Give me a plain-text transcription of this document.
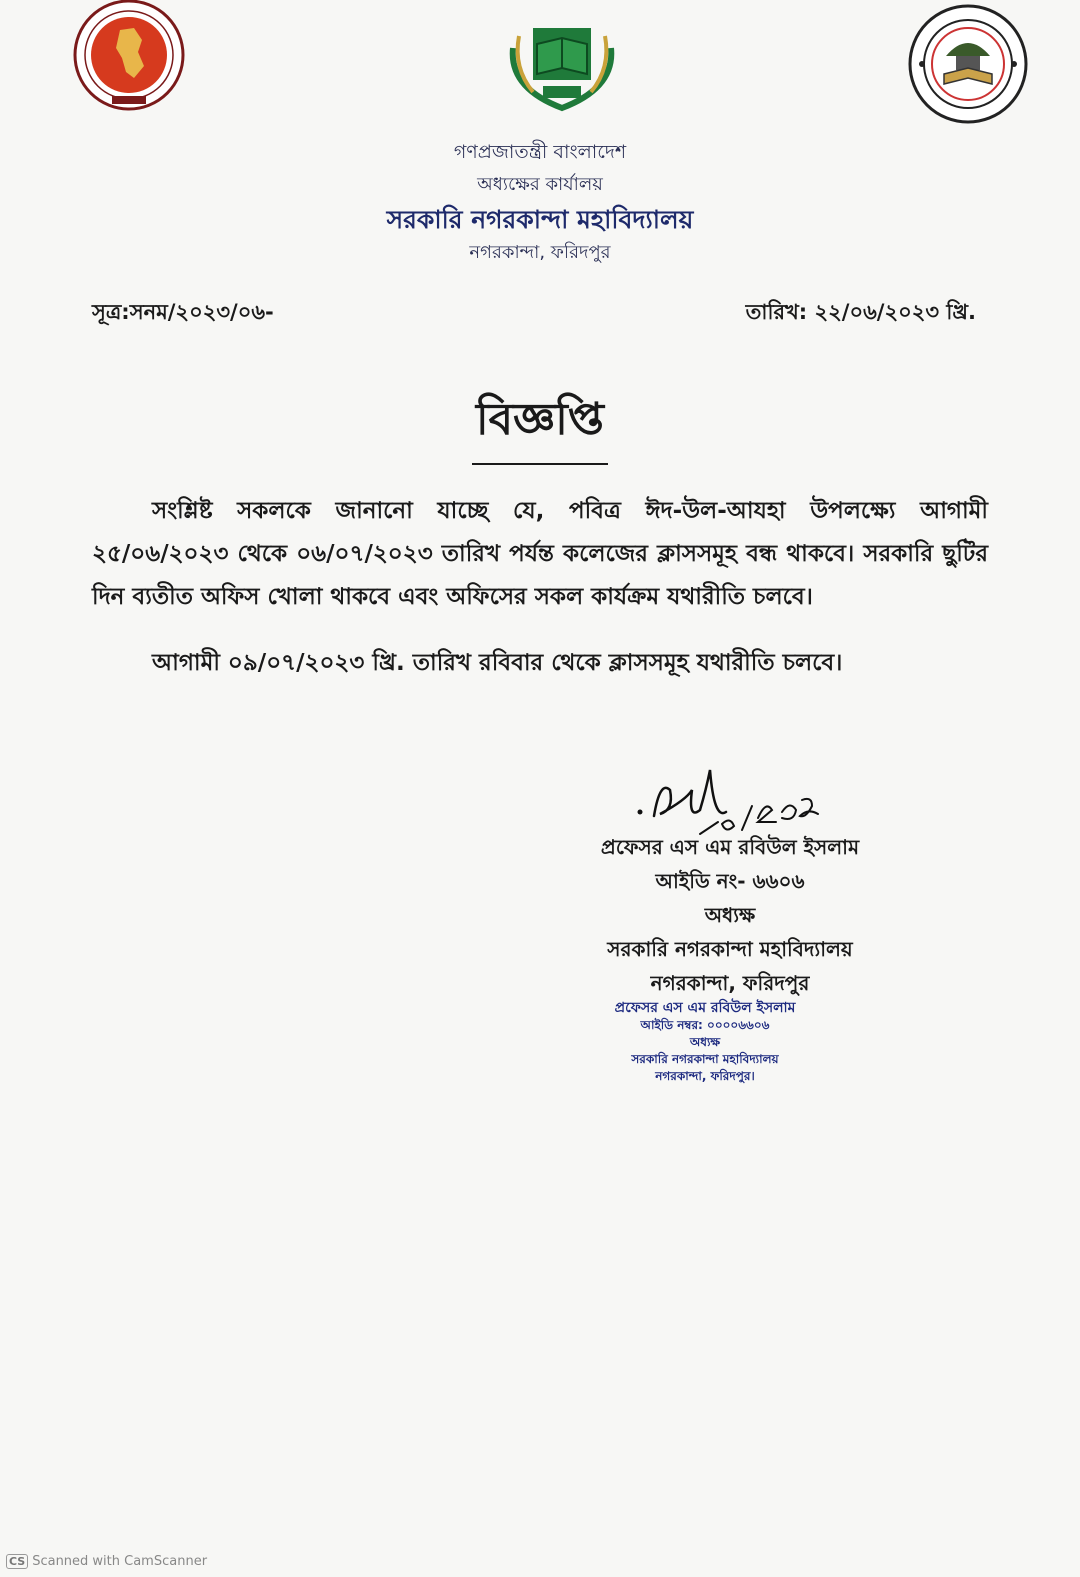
গণপ্রজাতন্ত্রী বাংলাদেশ
অধ্যক্ষের কার্যালয়
সরকারি নগরকান্দা মহাবিদ্যালয়
নগরকান্দা, ফরিদপুর
সূত্র:সনম/২০২৩/০৬-	তারিখ: ২২/০৬/২০২৩ খ্রি.
বিজ্ঞপ্তি
সংশ্লিষ্ট সকলকে জানানো যাচ্ছে যে, পবিত্র ঈদ-উল-আযহা উপলক্ষ্যে আগামী ২৫/০৬/২০২৩ থেকে ০৬/০৭/২০২৩ তারিখ পর্যন্ত কলেজের ক্লাসসমূহ বন্ধ থাকবে। সরকারি ছুটির দিন ব্যতীত অফিস খোলা থাকবে এবং অফিসের সকল কার্যক্রম যথারীতি চলবে।
আগামী ০৯/০৭/২০২৩ খ্রি. তারিখ রবিবার থেকে ক্লাসসমূহ যথারীতি চলবে।
প্রফেসর এস এম রবিউল ইসলাম
আইডি নং- ৬৬০৬
অধ্যক্ষ
সরকারি নগরকান্দা মহাবিদ্যালয়
নগরকান্দা, ফরিদপুর
প্রফেসর এস এম রবিউল ইসলাম
আইডি নম্বর: ০০০০৬৬০৬
অধ্যক্ষ
সরকারি নগরকান্দা মহাবিদ্যালয়
নগরকান্দা, ফরিদপুর।
CS Scanned with CamScanner
